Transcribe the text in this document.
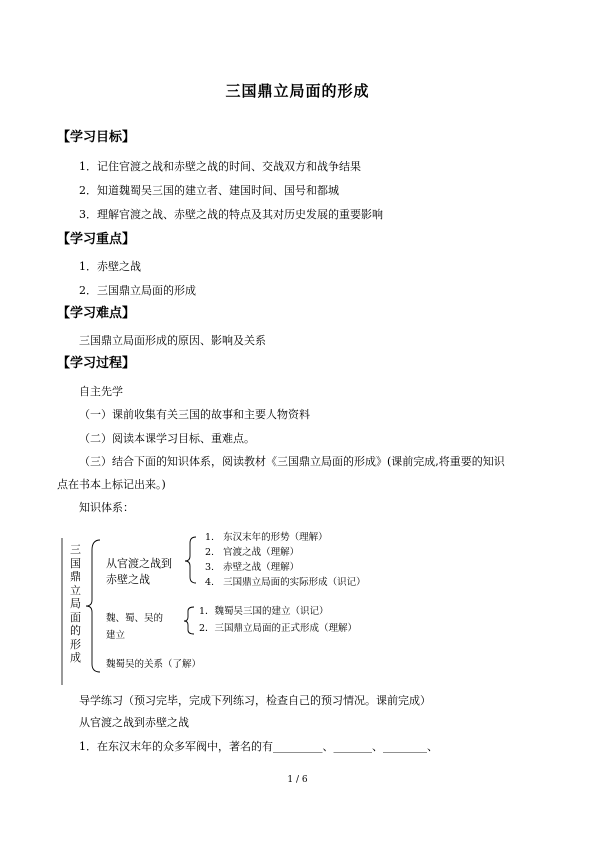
三国鼎立局面的形成
【学习目标】
1．记住官渡之战和赤壁之战的时间、交战双方和战争结果
2．知道魏蜀吴三国的建立者、建国时间、国号和都城
3．理解官渡之战、赤壁之战的特点及其对历史发展的重要影响
【学习重点】
1．赤壁之战
2．三国鼎立局面的形成
【学习难点】
三国鼎立局面形成的原因、影响及关系
【学习过程】
自主先学
（一）课前收集有关三国的故事和主要人物资料
（二）阅读本课学习目标、重难点。
（三）结合下面的知识体系，阅读教材《三国鼎立局面的形成》(课前完成,将重要的知识
点在书本上标记出来。)
知识体系：
三
国
鼎
立
局
面
的
形
成
从官渡之战到
赤壁之战
1.   东汉末年的形势（理解）
2.   官渡之战（理解）
3.   赤壁之战（理解）
4.   三国鼎立局面的实际形成（识记）
魏、蜀、吴的
建立
1．魏蜀吴三国的建立（识记）
2．三国鼎立局面的正式形成（理解）
魏蜀吴的关系（了解）
导学练习（预习完毕，完成下列练习，检查自己的预习情况。课前完成）
从官渡之战到赤壁之战
1．在东汉末年的众多军阀中，著名的有_________、_______、________、
1 / 6
